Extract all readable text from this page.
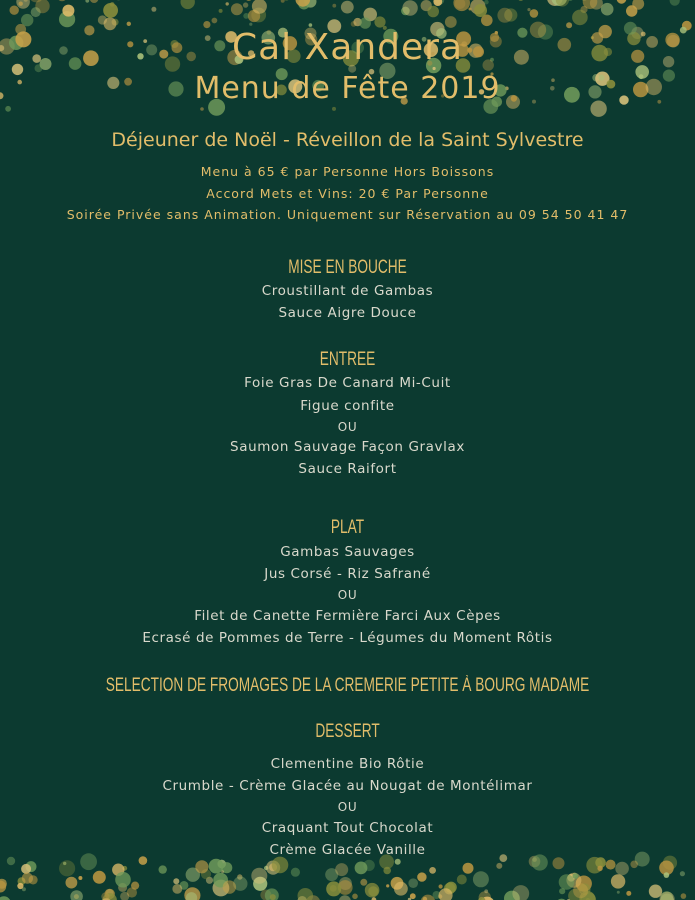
Cal Xandera
Menu de Fête 2019
Déjeuner de Noël - Réveillon de la Saint Sylvestre
Menu à 65 € par Personne Hors Boissons
Accord Mets et Vins: 20 € Par Personne
Soirée Privée sans Animation. Uniquement sur Réservation au 09 54 50 41 47
MISE EN BOUCHE
Croustillant de Gambas
Sauce Aigre Douce
ENTREE
Foie Gras De Canard Mi-Cuit
Figue confite
OU
Saumon Sauvage Façon Gravlax
Sauce Raifort
PLAT
Gambas Sauvages
Jus Corsé - Riz Safrané
OU
Filet de Canette Fermière Farci Aux Cèpes
Ecrasé de Pommes de Terre - Légumes du Moment Rôtis
SELECTION DE FROMAGES DE LA CREMERIE PETITE À BOURG MADAME
DESSERT
Clementine Bio Rôtie
Crumble - Crème Glacée au Nougat de Montélimar
OU
Craquant Tout Chocolat
Crème Glacée Vanille
